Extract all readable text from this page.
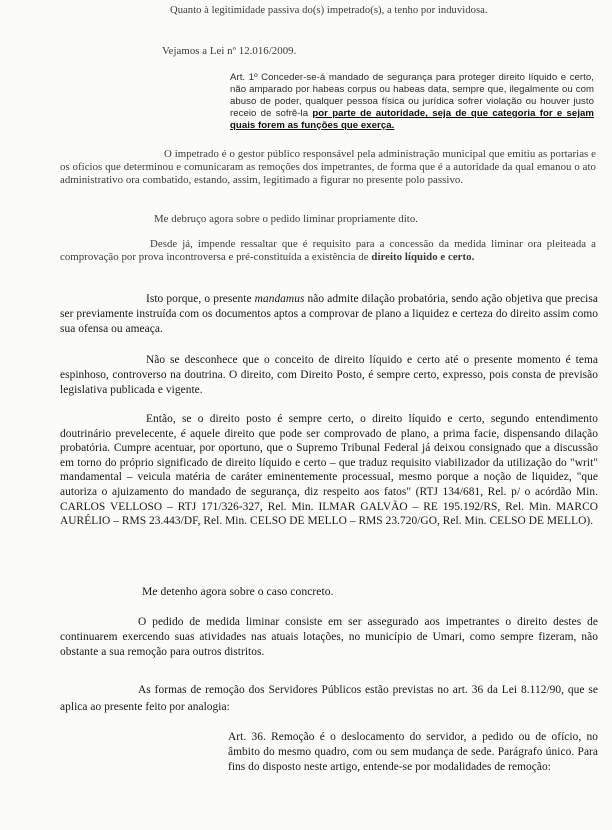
Quanto à legitimidade passiva do(s) impetrado(s), a tenho por induvidosa.

Vejamos a Lei nº 12.016/2009.

Art. 1º Conceder-se-á mandado de segurança para proteger direito líquido e certo, não amparado por habeas corpus ou habeas data, sempre que, ilegalmente ou com abuso de poder, qualquer pessoa física ou jurídica sofrer violação ou houver justo receio de sofrê-la por parte de autoridade, seja de que categoria for e sejam quais forem as funções que exerça.

O impetrado é o gestor público responsável pela administração municipal que emitiu as portarias e os ofícios que determinou e comunicaram as remoções dos impetrantes, de forma que é a autoridade da qual emanou o ato administrativo ora combatido, estando, assim, legitimado a figurar no presente polo passivo.

Me debruço agora sobre o pedido liminar propriamente dito.

Desde já, impende ressaltar que é requisito para a concessão da medida liminar ora pleiteada a comprovação por prova incontroversa e pré-constituída a existência de direito líquido e certo.

Isto porque, o presente mandamus não admite dilação probatória, sendo ação objetiva que precisa ser previamente instruída com os documentos aptos a comprovar de plano a liquidez e certeza do direito assim como sua ofensa ou ameaça.

Não se desconhece que o conceito de direito líquido e certo até o presente momento é tema espinhoso, controverso na doutrina. O direito, com Direito Posto, é sempre certo, expresso, pois consta de previsão legislativa publicada e vigente.

Então, se o direito posto é sempre certo, o direito líquido e certo, segundo entendimento doutrinário prevelecente, é aquele direito que pode ser comprovado de plano, a prima facie, dispensando dilação probatória. Cumpre acentuar, por oportuno, que o Supremo Tribunal Federal já deixou consignado que a discussão em torno do próprio significado de direito líquido e certo – que traduz requisito viabilizador da utilização do "writ" mandamental – veicula matéria de caráter eminentemente processual, mesmo porque a noção de liquidez, "que autoriza o ajuizamento do mandado de segurança, diz respeito aos fatos" (RTJ 134/681, Rel. p/ o acórdão Min. CARLOS VELLOSO – RTJ 171/326-327, Rel. Min. ILMAR GALVÃO – RE 195.192/RS, Rel. Min. MARCO AURÉLIO – RMS 23.443/DF, Rel. Min. CELSO DE MELLO – RMS 23.720/GO, Rel. Min. CELSO DE MELLO).

Me detenho agora sobre o caso concreto.

O pedido de medida liminar consiste em ser assegurado aos impetrantes o direito destes de continuarem exercendo suas atividades nas atuais lotações, no município de Umari, como sempre fizeram, não obstante a sua remoção para outros distritos.

As formas de remoção dos Servidores Públicos estão previstas no art. 36 da Lei 8.112/90, que se aplica ao presente feito por analogia:

Art. 36. Remoção é o deslocamento do servidor, a pedido ou de ofício, no âmbito do mesmo quadro, com ou sem mudança de sede. Parágrafo único. Para fins do disposto neste artigo, entende-se por modalidades de remoção:
